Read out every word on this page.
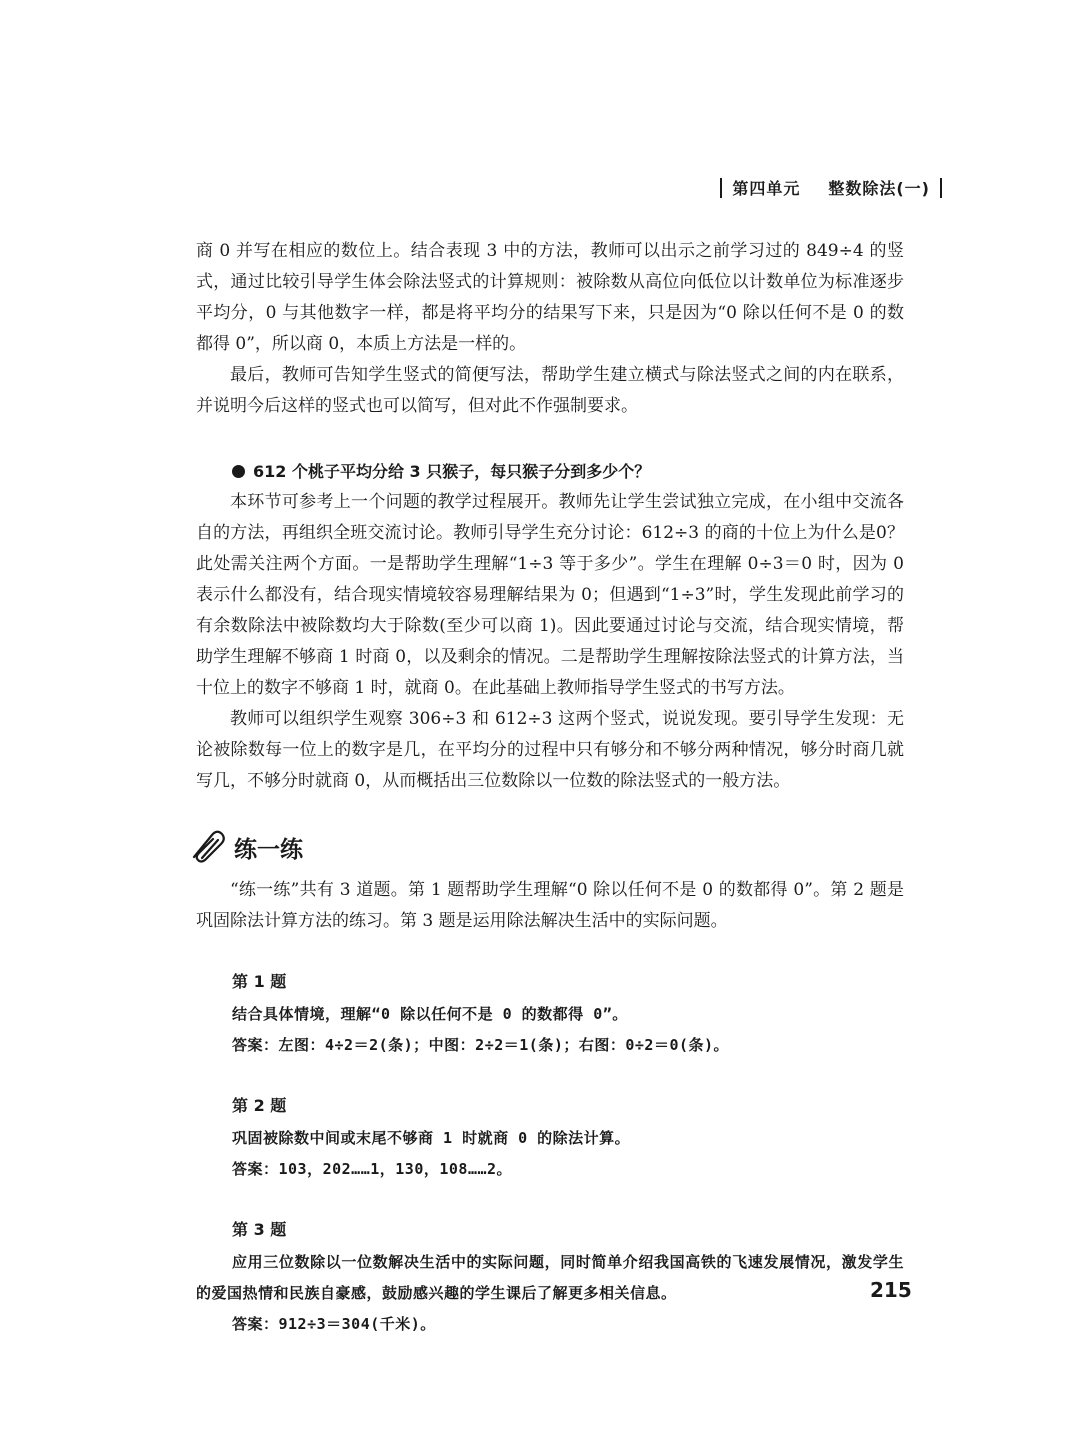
第四单元 整数除法(一)

商 0 并写在相应的数位上。结合表现 3 中的方法，教师可以出示之前学习过的 849÷4 的竖式，通过比较引导学生体会除法竖式的计算规则：被除数从高位向低位以计数单位为标准逐步平均分，0 与其他数字一样，都是将平均分的结果写下来，只是因为“0 除以任何不是 0 的数都得 0”，所以商 0，本质上方法是一样的。

最后，教师可告知学生竖式的简便写法，帮助学生建立横式与除法竖式之间的内在联系，并说明今后这样的竖式也可以简写，但对此不作强制要求。

612 个桃子平均分给 3 只猴子，每只猴子分到多少个？

本环节可参考上一个问题的教学过程展开。教师先让学生尝试独立完成，在小组中交流各自的方法，再组织全班交流讨论。教师引导学生充分讨论：612÷3 的商的十位上为什么是0？此处需关注两个方面。一是帮助学生理解“1÷3 等于多少”。学生在理解 0÷3＝0 时，因为 0 表示什么都没有，结合现实情境较容易理解结果为 0；但遇到“1÷3”时，学生发现此前学习的有余数除法中被除数均大于除数(至少可以商 1)。因此要通过讨论与交流，结合现实情境，帮助学生理解不够商 1 时商 0，以及剩余的情况。二是帮助学生理解按除法竖式的计算方法，当十位上的数字不够商 1 时，就商 0。在此基础上教师指导学生竖式的书写方法。

教师可以组织学生观察 306÷3 和 612÷3 这两个竖式，说说发现。要引导学生发现：无论被除数每一位上的数字是几，在平均分的过程中只有够分和不够分两种情况，够分时商几就写几，不够分时就商 0，从而概括出三位数除以一位数的除法竖式的一般方法。

练一练

“练一练”共有 3 道题。第 1 题帮助学生理解“0 除以任何不是 0 的数都得 0”。第 2 题是巩固除法计算方法的练习。第 3 题是运用除法解决生活中的实际问题。

第 1 题

结合具体情境，理解“0 除以任何不是 0 的数都得 0”。

答案：左图：4÷2＝2(条)；中图：2÷2＝1(条)；右图：0÷2＝0(条)。

第 2 题

巩固被除数中间或末尾不够商 1 时就商 0 的除法计算。

答案：103，202……1，130，108……2。

第 3 题

应用三位数除以一位数解决生活中的实际问题，同时简单介绍我国高铁的飞速发展情况，激发学生的爱国热情和民族自豪感，鼓励感兴趣的学生课后了解更多相关信息。

答案：912÷3＝304(千米)。

215
